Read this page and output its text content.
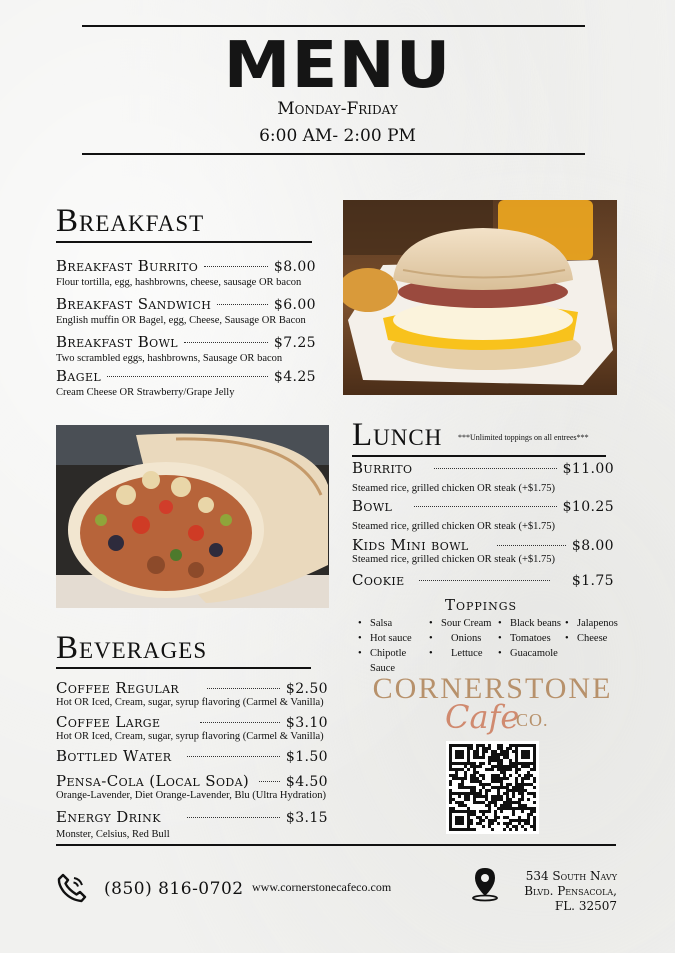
MENU
Monday-Friday
6:00 AM- 2:00 PM
Breakfast
Breakfast Burrito	$8.00
Flour tortilla, egg, hashbrowns, cheese, sausage OR bacon
Breakfast Sandwich	$6.00
English muffin OR Bagel, egg, Cheese, Sausage OR Bacon
Breakfast Bowl	$7.25
Two scrambled eggs, hashbrowns, Sausage OR bacon
Bagel	$4.25
Cream Cheese OR Strawberry/Grape Jelly
Lunch ***Unlimited toppings on all entrees***
Burrito	$11.00
Steamed rice, grilled chicken OR steak (+$1.75)
Bowl	$10.25
Steamed rice, grilled chicken OR steak (+$1.75)
Kids Mini bowl	$8.00
Steamed rice, grilled chicken OR steak (+$1.75)
Cookie	$1.75
Toppings
• Salsa
• Hot sauce
• Chipotle Sauce
• Sour Cream
• Onions
• Lettuce
• Black beans
• Tomatoes
• Guacamole
• Jalapenos
• Cheese
Beverages
Coffee Regular	$2.50
Hot OR Iced, Cream, sugar, syrup flavoring (Carmel & Vanilla)
Coffee Large	$3.10
Hot OR Iced, Cream, sugar, syrup flavoring (Carmel & Vanilla)
Bottled Water	$1.50
Pensa-Cola (Local Soda)	$4.50
Orange-Lavender, Diet Orange-Lavender, Blu (Ultra Hydration)
Energy Drink	$3.15
Monster, Celsius, Red Bull
CORNERSTONE
Cafe
CO.
(850) 816-0702 www.cornerstonecafeco.com
534 South Navy
Blvd. Pensacola,
FL. 32507
